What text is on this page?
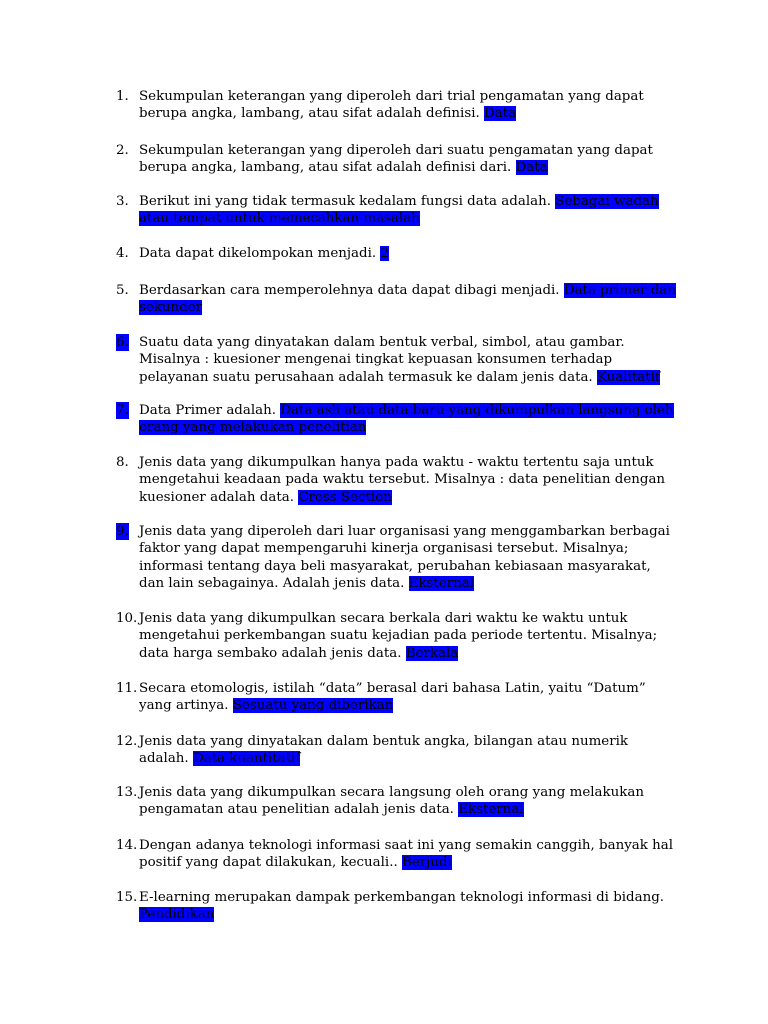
1. Sekumpulan keterangan yang diperoleh dari trial pengamatan yang dapat berupa angka, lambang, atau sifat adalah definisi. Data
2. Sekumpulan keterangan yang diperoleh dari suatu pengamatan yang dapat berupa angka, lambang, atau sifat adalah definisi dari. Data
3. Berikut ini yang tidak termasuk kedalam fungsi data adalah. Sebagai wadah atau tempat untuk memecahkan masalah
4. Data dapat dikelompokan menjadi. 2
5. Berdasarkan cara memperolehnya data dapat dibagi menjadi. Data primer dan sekunder
6. Suatu data yang dinyatakan dalam bentuk verbal, simbol, atau gambar. Misalnya : kuesioner mengenai tingkat kepuasan konsumen terhadap pelayanan suatu perusahaan adalah termasuk ke dalam jenis data. Kualitatif
7. Data Primer adalah. Data asli atau data baru yang dikumpulkan langsung oleh orang yang melakukan penelitian
8. Jenis data yang dikumpulkan hanya pada waktu - waktu tertentu saja untuk mengetahui keadaan pada waktu tersebut. Misalnya : data penelitian dengan kuesioner adalah data. Cross Section
9. Jenis data yang diperoleh dari luar organisasi yang menggambarkan berbagai faktor yang dapat mempengaruhi kinerja organisasi tersebut. Misalnya; informasi tentang daya beli masyarakat, perubahan kebiasaan masyarakat, dan lain sebagainya. Adalah jenis data. Eksternal
10. Jenis data yang dikumpulkan secara berkala dari waktu ke waktu untuk mengetahui perkembangan suatu kejadian pada periode tertentu. Misalnya; data harga sembako adalah jenis data. Berkala
11. Secara etomologis, istilah “data” berasal dari bahasa Latin, yaitu “Datum” yang artinya. Sesuatu yang diberikan
12. Jenis data yang dinyatakan dalam bentuk angka, bilangan atau numerik adalah. Data kuantitatif
13. Jenis data yang dikumpulkan secara langsung oleh orang yang melakukan pengamatan atau penelitian adalah jenis data. Eksternal
14. Dengan adanya teknologi informasi saat ini yang semakin canggih, banyak hal positif yang dapat dilakukan, kecuali.. Berjudi
15. E-learning merupakan dampak perkembangan teknologi informasi di bidang. Pendidikan
